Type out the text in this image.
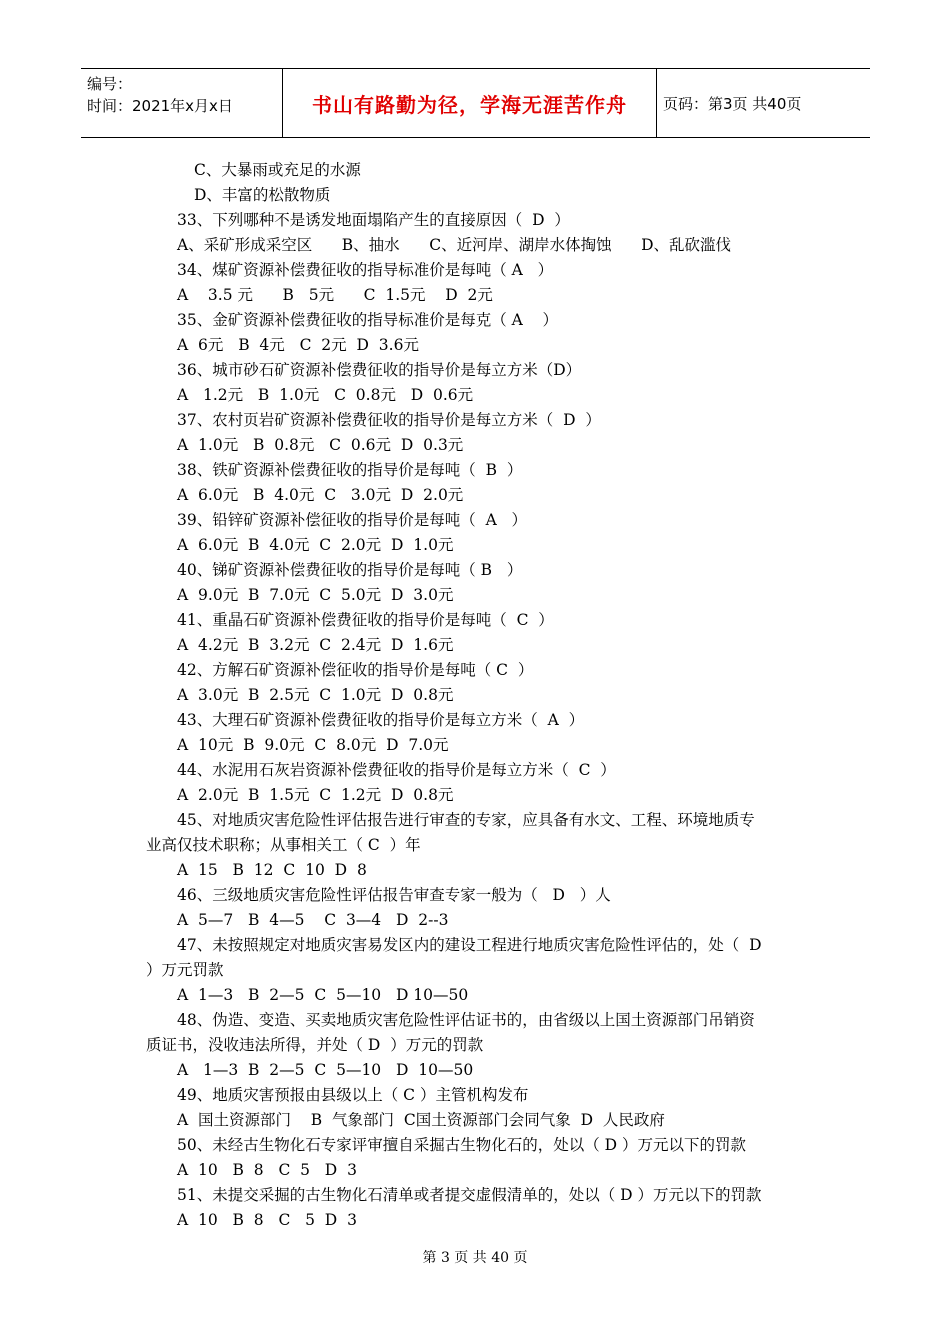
编号：
时间：2021年x月x日	书山有路勤为径，学海无涯苦作舟	页码：第3页 共40页
C、大暴雨或充足的水源
D、丰富的松散物质
33、下列哪种不是诱发地面塌陷产生的直接原因（  D  ）
A、采矿形成采空区      B、抽水      C、近河岸、湖岸水体掏蚀      D、乱砍滥伐
34、煤矿资源补偿费征收的指导标准价是每吨（ A   ）
A    3.5 元      B   5元      C  1.5元    D  2元
35、金矿资源补偿费征收的指导标准价是每克（ A    ）
A  6元   B  4元   C  2元  D  3.6元
36、城市砂石矿资源补偿费征收的指导价是每立方米（D）
A   1.2元   B  1.0元   C  0.8元   D  0.6元
37、农村页岩矿资源补偿费征收的指导价是每立方米（  D  ）
A  1.0元   B  0.8元   C  0.6元  D  0.3元
38、铁矿资源补偿费征收的指导价是每吨（  B  ）
A  6.0元   B  4.0元  C   3.0元  D  2.0元
39、铅锌矿资源补偿征收的指导价是每吨（  A   ）
A  6.0元  B  4.0元  C  2.0元  D  1.0元
40、锑矿资源补偿费征收的指导价是每吨（ B   ）
A  9.0元  B  7.0元  C  5.0元  D  3.0元
41、重晶石矿资源补偿费征收的指导价是每吨（  C  ）
A  4.2元  B  3.2元  C  2.4元  D  1.6元
42、方解石矿资源补偿征收的指导价是每吨（ C  ）
A  3.0元  B  2.5元  C  1.0元  D  0.8元
43、大理石矿资源补偿费征收的指导价是每立方米（  A  ）
A  10元  B  9.0元  C  8.0元  D  7.0元
44、水泥用石灰岩资源补偿费征收的指导价是每立方米（  C  ）
A  2.0元  B  1.5元  C  1.2元  D  0.8元
45、对地质灾害危险性评估报告进行审查的专家，应具备有水文、工程、环境地质专
业高仅技术职称；从事相关工（ C  ）年
A  15   B  12  C  10  D  8
46、三级地质灾害危险性评估报告审查专家一般为（   D   ）人
A  5—7   B  4—5    C  3—4   D  2--3
47、未按照规定对地质灾害易发区内的建设工程进行地质灾害危险性评估的，处（  D
）万元罚款
A  1—3   B  2—5  C  5—10   D 10—50
48、伪造、变造、买卖地质灾害危险性评估证书的，由省级以上国土资源部门吊销资
质证书，没收违法所得，并处（ D  ）万元的罚款
A   1—3  B  2—5  C  5—10   D  10—50
49、地质灾害预报由县级以上（ C ）主管机构发布
A  国土资源部门    B  气象部门  C国土资源部门会同气象  D  人民政府
50、未经古生物化石专家评审擅自采掘古生物化石的，处以（ D ）万元以下的罚款
A  10   B  8   C  5   D  3
51、未提交采掘的古生物化石清单或者提交虚假清单的，处以（ D ）万元以下的罚款
A  10   B  8   C   5  D  3
第 3 页 共 40 页
